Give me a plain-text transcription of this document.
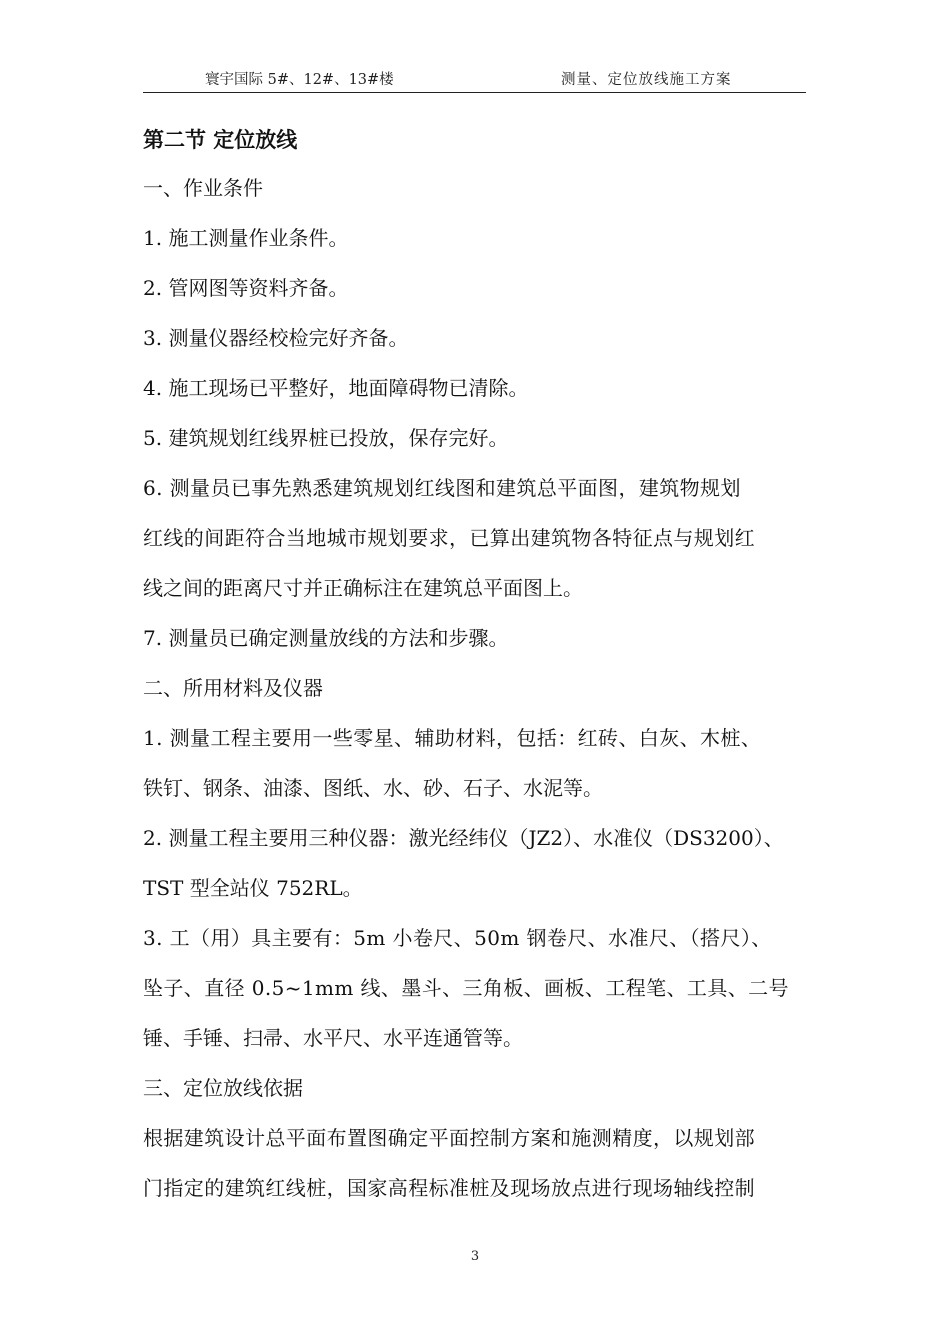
寰宇国际 5#、12#、13#楼	测量、定位放线施工方案
第二节 定位放线
一、作业条件
1. 施工测量作业条件。
2. 管网图等资料齐备。
3. 测量仪器经校检完好齐备。
4. 施工现场已平整好，地面障碍物已清除。
5. 建筑规划红线界桩已投放，保存完好。
6. 测量员已事先熟悉建筑规划红线图和建筑总平面图，建筑物规划
红线的间距符合当地城市规划要求，已算出建筑物各特征点与规划红
线之间的距离尺寸并正确标注在建筑总平面图上。
7. 测量员已确定测量放线的方法和步骤。
二、所用材料及仪器
1. 测量工程主要用一些零星、辅助材料，包括：红砖、白灰、木桩、
铁钉、钢条、油漆、图纸、水、砂、石子、水泥等。
2. 测量工程主要用三种仪器：激光经纬仪（JZ2）、水准仪（DS3200）、
TST 型全站仪 752RL。
3. 工（用）具主要有：5m 小卷尺、50m 钢卷尺、水准尺、（搭尺）、
坠子、直径 0.5~1mm 线、墨斗、三角板、画板、工程笔、工具、二号
锤、手锤、扫帚、水平尺、水平连通管等。
三、定位放线依据
根据建筑设计总平面布置图确定平面控制方案和施测精度，以规划部
门指定的建筑红线桩，国家高程标准桩及现场放点进行现场轴线控制
3
